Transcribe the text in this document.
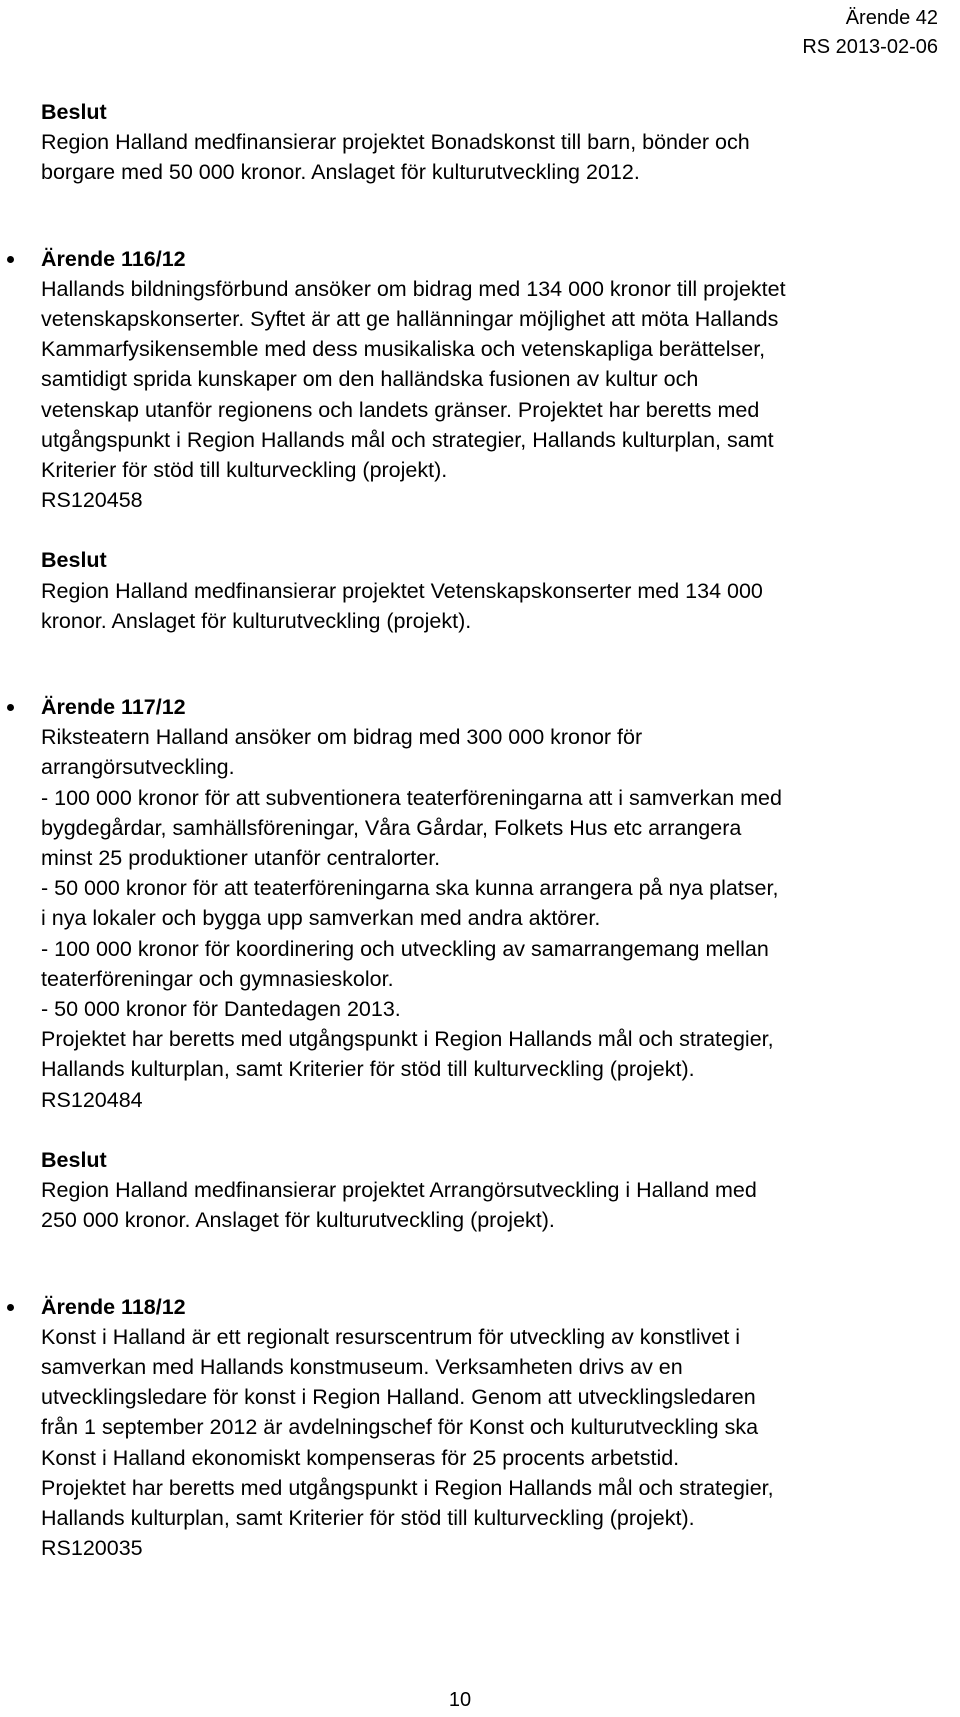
Ärende 42
RS 2013-02-06
Beslut
Region Halland medfinansierar projektet Bonadskonst till barn, bönder och
borgare med 50 000 kronor. Anslaget för kulturutveckling 2012.
Ärende 116/12
Hallands bildningsförbund ansöker om bidrag med 134 000 kronor till projektet
vetenskapskonserter. Syftet är att ge hallänningar möjlighet att möta Hallands
Kammarfysikensemble med dess musikaliska och vetenskapliga berättelser,
samtidigt sprida kunskaper om den halländska fusionen av kultur och
vetenskap utanför regionens och landets gränser. Projektet har beretts med
utgångspunkt i Region Hallands mål och strategier, Hallands kulturplan, samt
Kriterier för stöd till kulturveckling (projekt).
RS120458
Beslut
Region Halland medfinansierar projektet Vetenskapskonserter med 134 000
kronor. Anslaget för kulturutveckling (projekt).
Ärende 117/12
Riksteatern Halland ansöker om bidrag med 300 000 kronor för
arrangörsutveckling.
- 100 000 kronor för att subventionera teaterföreningarna att i samverkan med
bygdegårdar, samhällsföreningar, Våra Gårdar, Folkets Hus etc arrangera
minst 25 produktioner utanför centralorter.
- 50 000 kronor för att teaterföreningarna ska kunna arrangera på nya platser,
i nya lokaler och bygga upp samverkan med andra aktörer.
- 100 000 kronor för koordinering och utveckling av samarrangemang mellan
teaterföreningar och gymnasieskolor.
- 50 000 kronor för Dantedagen 2013.
Projektet har beretts med utgångspunkt i Region Hallands mål och strategier,
Hallands kulturplan, samt Kriterier för stöd till kulturveckling (projekt).
RS120484
Beslut
Region Halland medfinansierar projektet Arrangörsutveckling i Halland med
250 000 kronor. Anslaget för kulturutveckling (projekt).
Ärende 118/12
Konst i Halland är ett regionalt resurscentrum för utveckling av konstlivet i
samverkan med Hallands konstmuseum. Verksamheten drivs av en
utvecklingsledare för konst i Region Halland. Genom att utvecklingsledaren
från 1 september 2012 är avdelningschef för Konst och kulturutveckling ska
Konst i Halland ekonomiskt kompenseras för 25 procents arbetstid.
Projektet har beretts med utgångspunkt i Region Hallands mål och strategier,
Hallands kulturplan, samt Kriterier för stöd till kulturveckling (projekt).
RS120035
10
